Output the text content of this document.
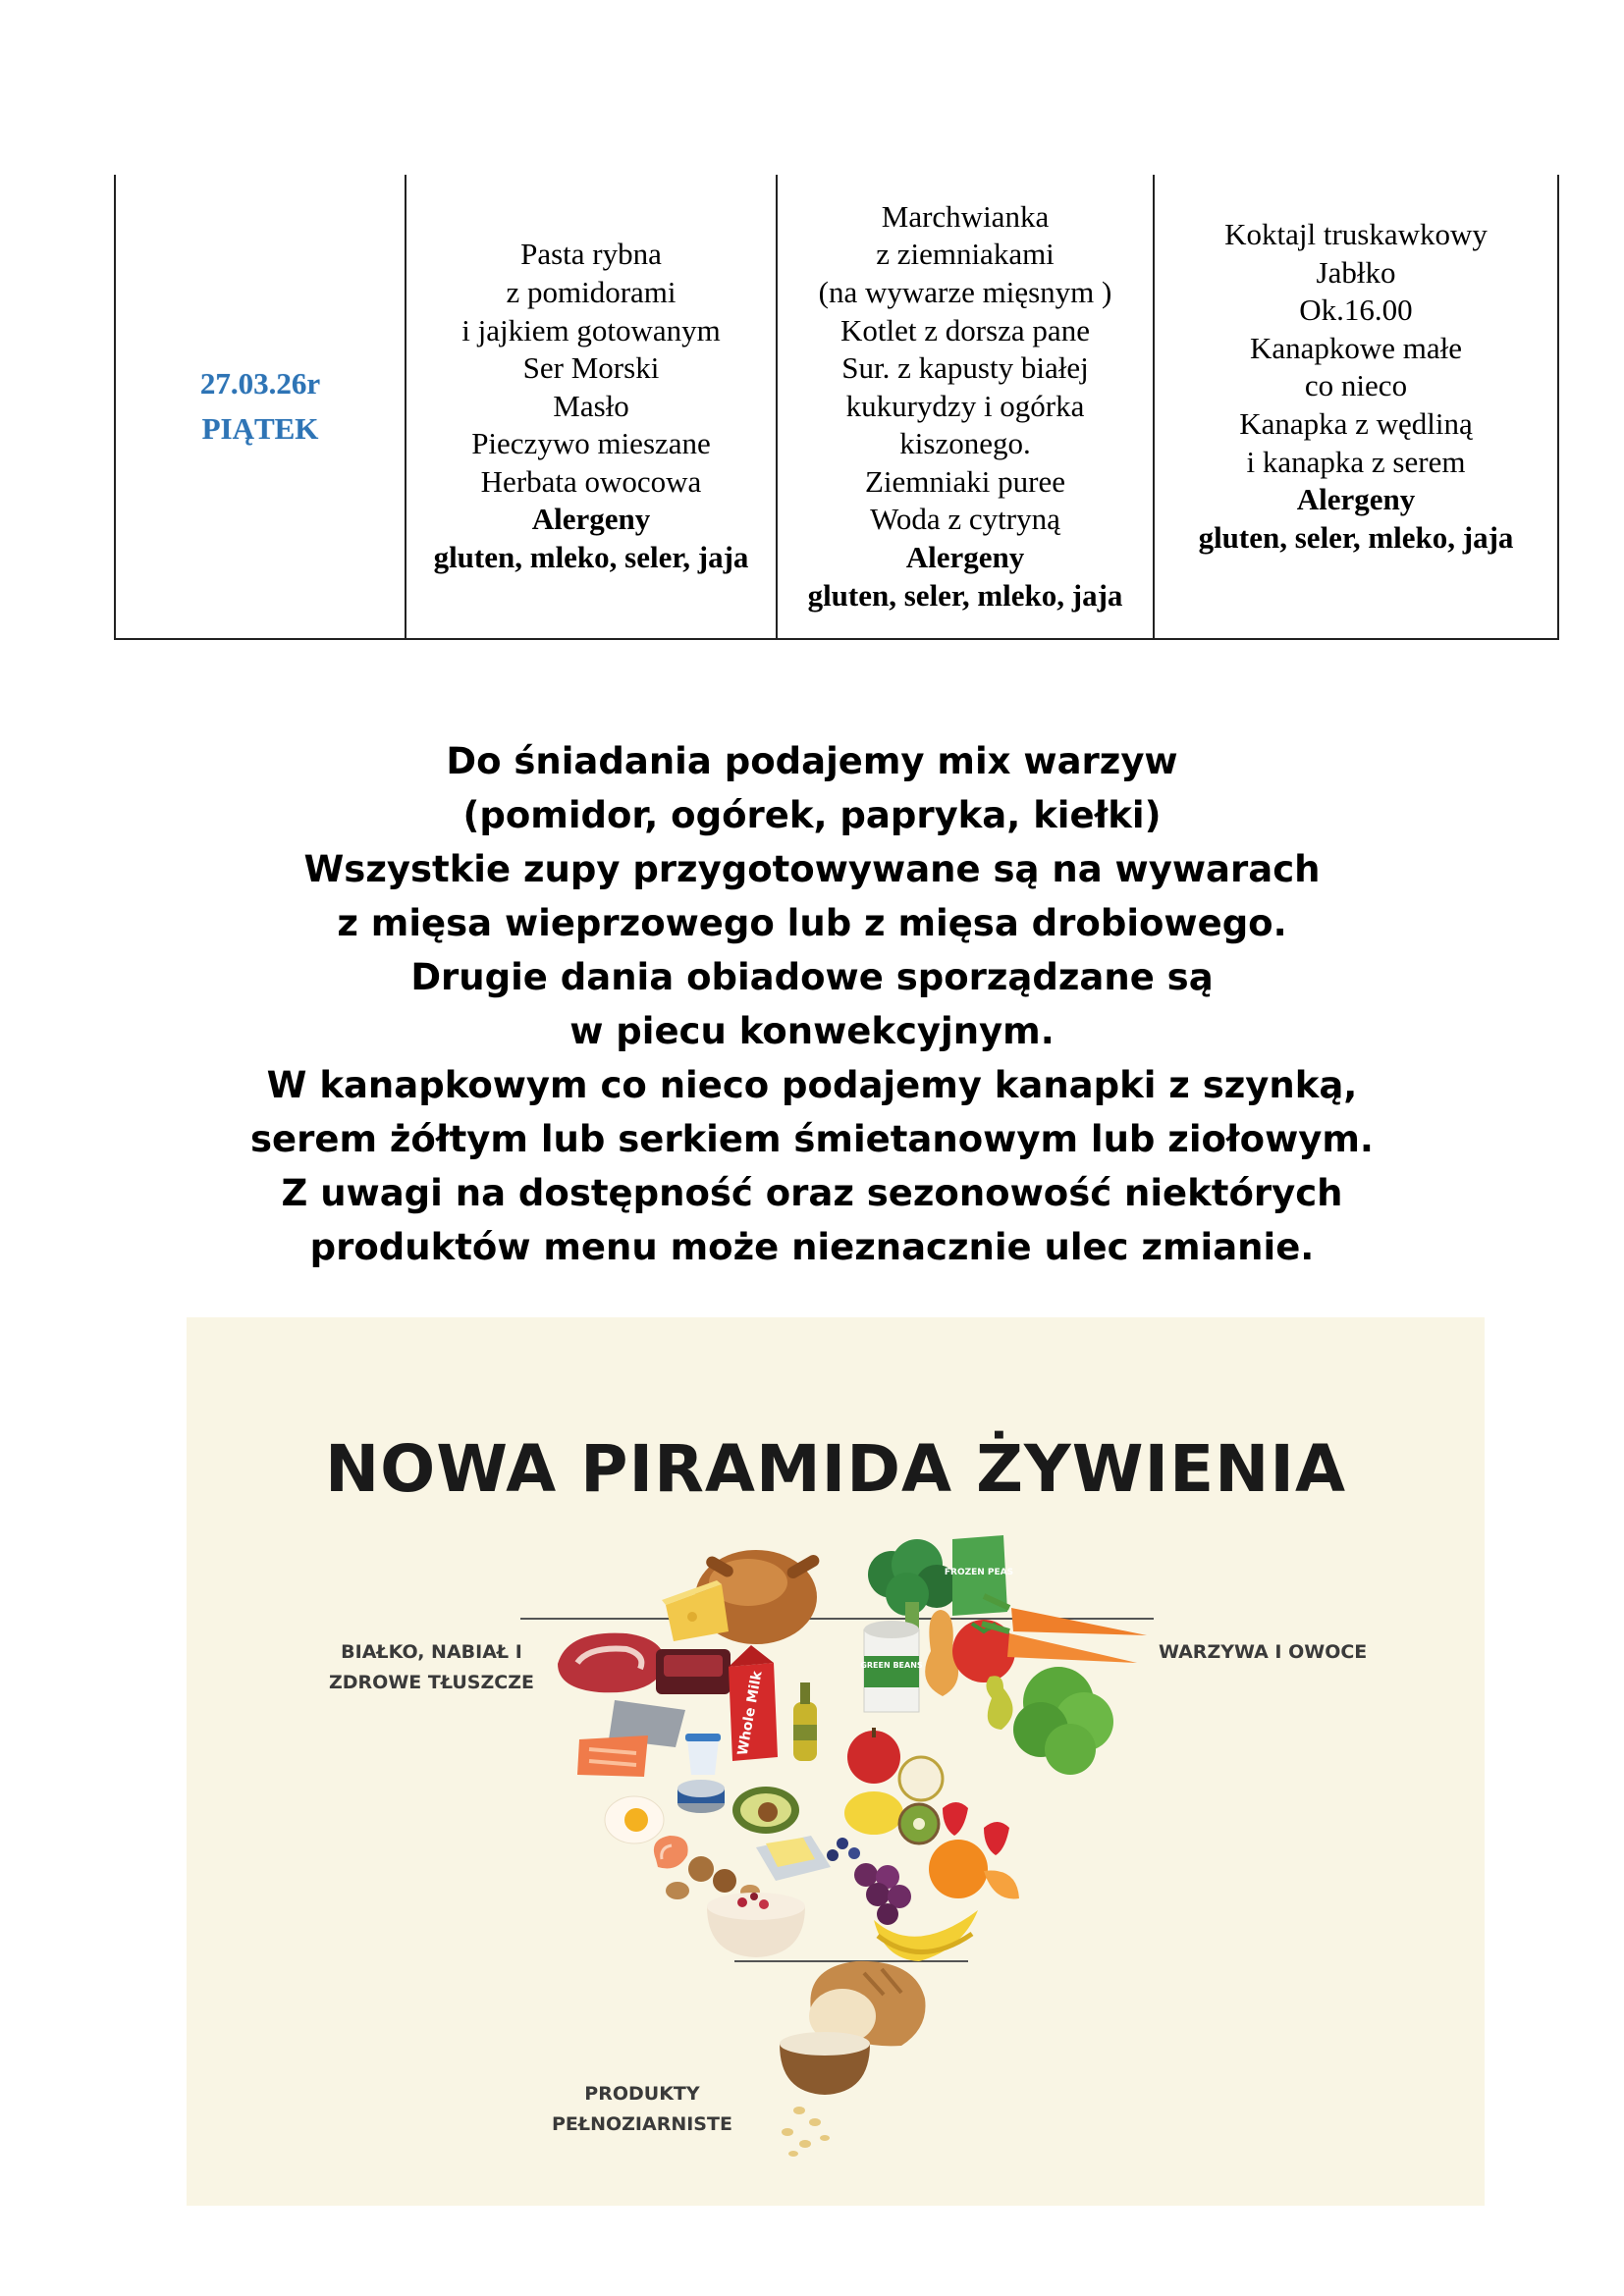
27.03.26r
PIĄTEK

Pasta rybna
z pomidorami
i jajkiem gotowanym
Ser Morski
Masło
Pieczywo mieszane
Herbata owocowa
Alergeny
gluten, mleko, seler, jaja

Marchwianka
z ziemniakami
(na wywarze mięsnym )
Kotlet z dorsza pane
Sur. z kapusty białej
kukurydzy i ogórka
kiszonego.
Ziemniaki puree
Woda z cytryną
Alergeny
gluten, seler, mleko, jaja

Koktajl truskawkowy
Jabłko
Ok.16.00
Kanapkowe małe
co nieco
Kanapka z wędliną
i kanapka z serem
Alergeny
gluten, seler, mleko, jaja
Do śniadania podajemy mix warzyw
(pomidor, ogórek, papryka, kiełki)
Wszystkie zupy przygotowywane są na wywarach
z mięsa wieprzowego lub z mięsa drobiowego.
Drugie dania obiadowe sporządzane są
w piecu konwekcyjnym.
W kanapkowym co nieco podajemy kanapki z szynką,
serem żółtym lub serkiem śmietanowym lub ziołowym.
Z uwagi na dostępność oraz sezonowość niektórych
produktów menu może nieznacznie ulec zmianie.
NOWA PIRAMIDA ŻYWIENIA
Whole Milk
FROZEN PEAS
GREEN BEANS
BIAŁKO, NABIAŁ I
ZDROWE TŁUSZCZE
WARZYWA I OWOCE
PRODUKTY
PEŁNOZIARNISTE
